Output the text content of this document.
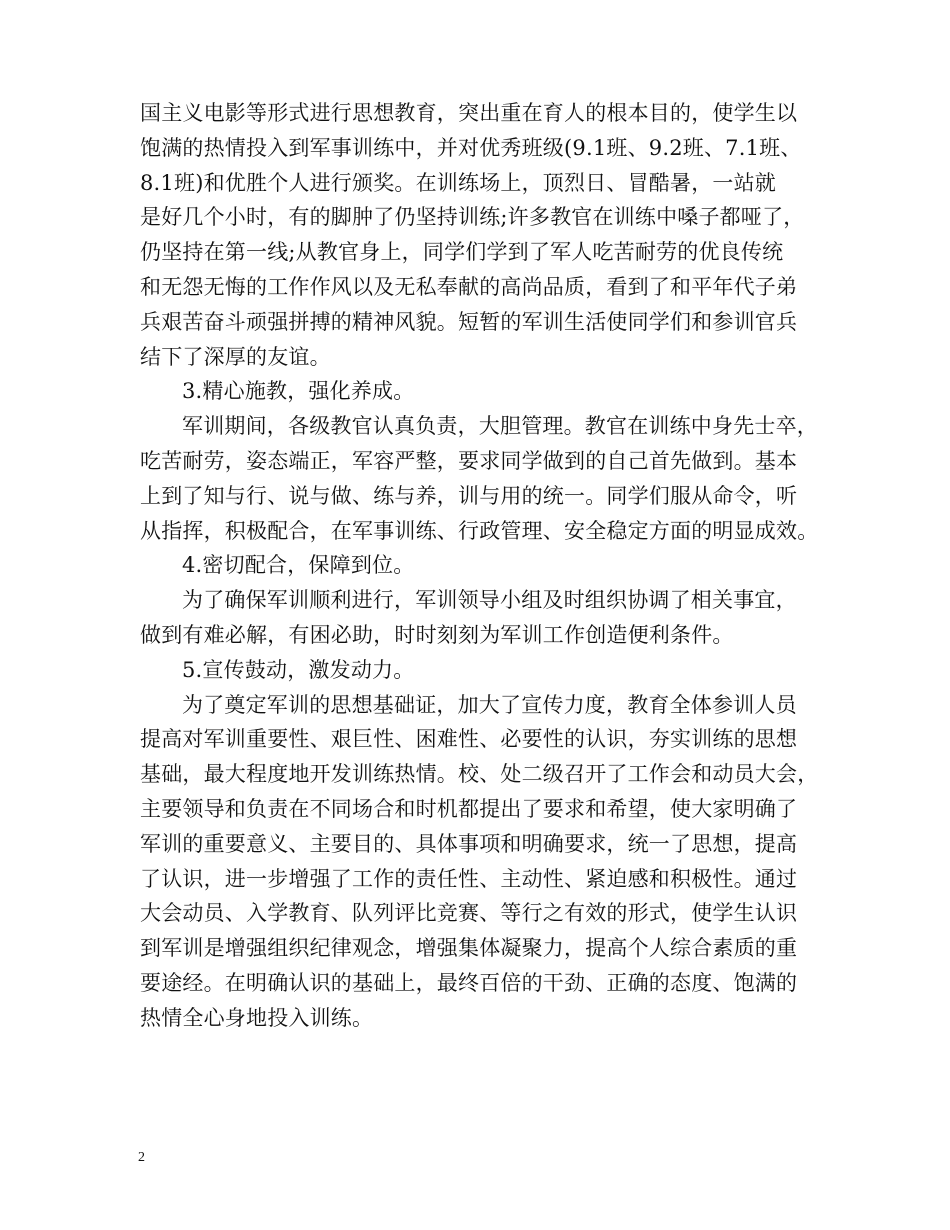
国主义电影等形式进行思想教育，突出重在育人的根本目的，使学生以
饱满的热情投入到军事训练中，并对优秀班级(9.1班、9.2班、7.1班、
8.1班)和优胜个人进行颁奖。在训练场上，顶烈日、冒酷暑，一站就
是好几个小时，有的脚肿了仍坚持训练;许多教官在训练中嗓子都哑了，
仍坚持在第一线;从教官身上，同学们学到了军人吃苦耐劳的优良传统
和无怨无悔的工作作风以及无私奉献的高尚品质，看到了和平年代子弟
兵艰苦奋斗顽强拼搏的精神风貌。短暂的军训生活使同学们和参训官兵
结下了深厚的友谊。
3.精心施教，强化养成。
军训期间，各级教官认真负责，大胆管理。教官在训练中身先士卒，
吃苦耐劳，姿态端正，军容严整，要求同学做到的自己首先做到。基本
上到了知与行、说与做、练与养，训与用的统一。同学们服从命令，听
从指挥，积极配合，在军事训练、行政管理、安全稳定方面的明显成效。
4.密切配合，保障到位。
为了确保军训顺利进行，军训领导小组及时组织协调了相关事宜，
做到有难必解，有困必助，时时刻刻为军训工作创造便利条件。
5.宣传鼓动，激发动力。
为了奠定军训的思想基础证，加大了宣传力度，教育全体参训人员
提高对军训重要性、艰巨性、困难性、必要性的认识，夯实训练的思想
基础，最大程度地开发训练热情。校、处二级召开了工作会和动员大会，
主要领导和负责在不同场合和时机都提出了要求和希望，使大家明确了
军训的重要意义、主要目的、具体事项和明确要求，统一了思想，提高
了认识，进一步增强了工作的责任性、主动性、紧迫感和积极性。通过
大会动员、入学教育、队列评比竞赛、等行之有效的形式，使学生认识
到军训是增强组织纪律观念，增强集体凝聚力，提高个人综合素质的重
要途经。在明确认识的基础上，最终百倍的干劲、正确的态度、饱满的
热情全心身地投入训练。
2
